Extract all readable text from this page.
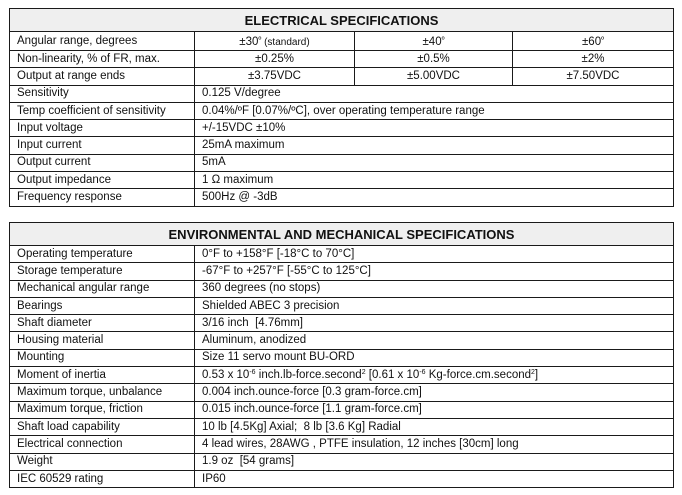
ELECTRICAL SPECIFICATIONS			
Angular range, degrees	$\pm 30^º$ (standard)	$\pm 40^º$	$\pm 60^º$
Non-linearity, % of FR, max.	±0.25%	±0.5%	±2%
Output at range ends	±3.75VDC	±5.00VDC	±7.50VDC
Sensitivity	0.125 V/degree		
Temp coefficient of sensitivity	0.04%/ºF [0.07%/ºC], over operating temperature range		
Input voltage	+/-15VDC ±10%		
Input current	25mA maximum		
Output current	5mA		
Output impedance	1 Ω maximum		
Frequency response	500Hz @ -3dB		
ENVIRONMENTAL AND MECHANICAL SPECIFICATIONS	
Operating temperature	0°F to +158°F [-18°C to 70°C]
Storage temperature	-67°F to +257°F [-55°C to 125°C]
Mechanical angular range	360 degrees (no stops)
Bearings	Shielded ABEC 3 precision
Shaft diameter	3/16 inch  [4.76mm]
Housing material	Aluminum, anodized
Mounting	Size 11 servo mount BU-ORD
Moment of inertia	0.53 x $10^{-6}$ inch.lb-force.second$^2$ [0.61 x $10^{-6}$ Kg-force.cm.second$^2$]
Maximum torque, unbalance	0.004 inch.ounce-force [0.3 gram-force.cm]
Maximum torque, friction	0.015 inch.ounce-force [1.1 gram-force.cm]
Shaft load capability	10 lb [4.5Kg] Axial;  8 lb [3.6 Kg] Radial
Electrical connection	4 lead wires, 28AWG , PTFE insulation, 12 inches [30cm] long
Weight	1.9 oz  [54 grams]
IEC 60529 rating	IP60
